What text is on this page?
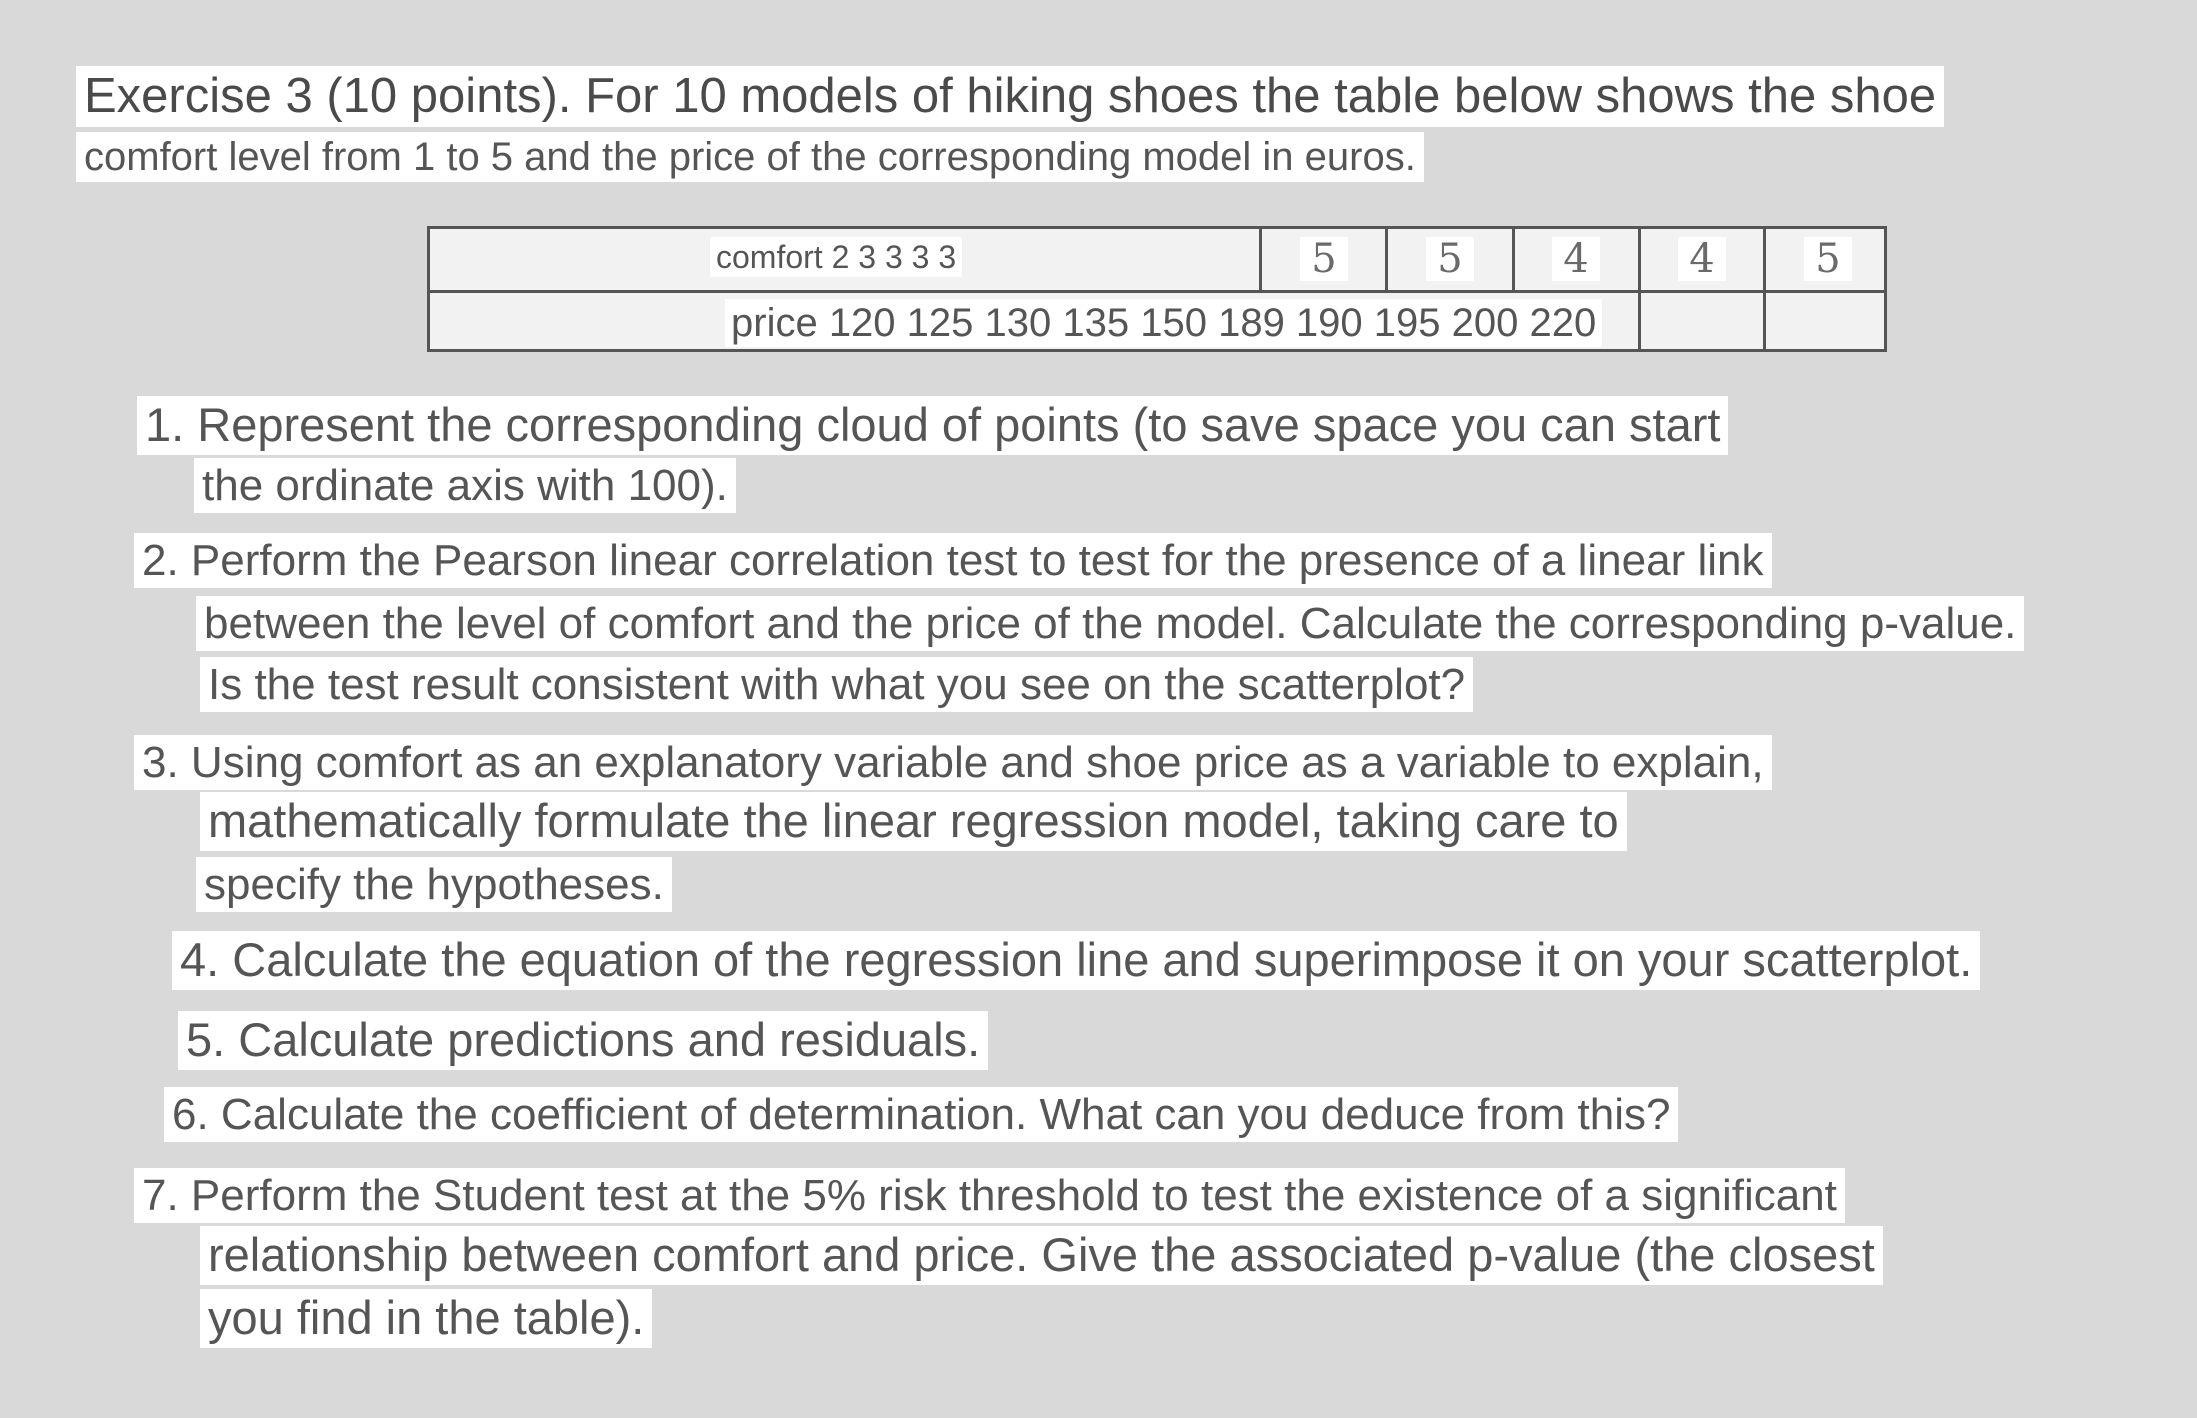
Exercise 3 (10 points). For 10 models of hiking shoes the table below shows the shoe
comfort level from 1 to 5 and the price of the corresponding model in euros.
comfort 2 3 3 3 3	5	5	4	4	5
price 120 125 130 135 150 189 190 195 200 220
1. Represent the corresponding cloud of points (to save space you can start
the ordinate axis with 100).
2. Perform the Pearson linear correlation test to test for the presence of a linear link
between the level of comfort and the price of the model. Calculate the corresponding p-value.
Is the test result consistent with what you see on the scatterplot?
3. Using comfort as an explanatory variable and shoe price as a variable to explain,
mathematically formulate the linear regression model, taking care to
specify the hypotheses.
4. Calculate the equation of the regression line and superimpose it on your scatterplot.
5. Calculate predictions and residuals.
6. Calculate the coefficient of determination. What can you deduce from this?
7. Perform the Student test at the 5% risk threshold to test the existence of a significant
relationship between comfort and price. Give the associated p-value (the closest
you find in the table).
